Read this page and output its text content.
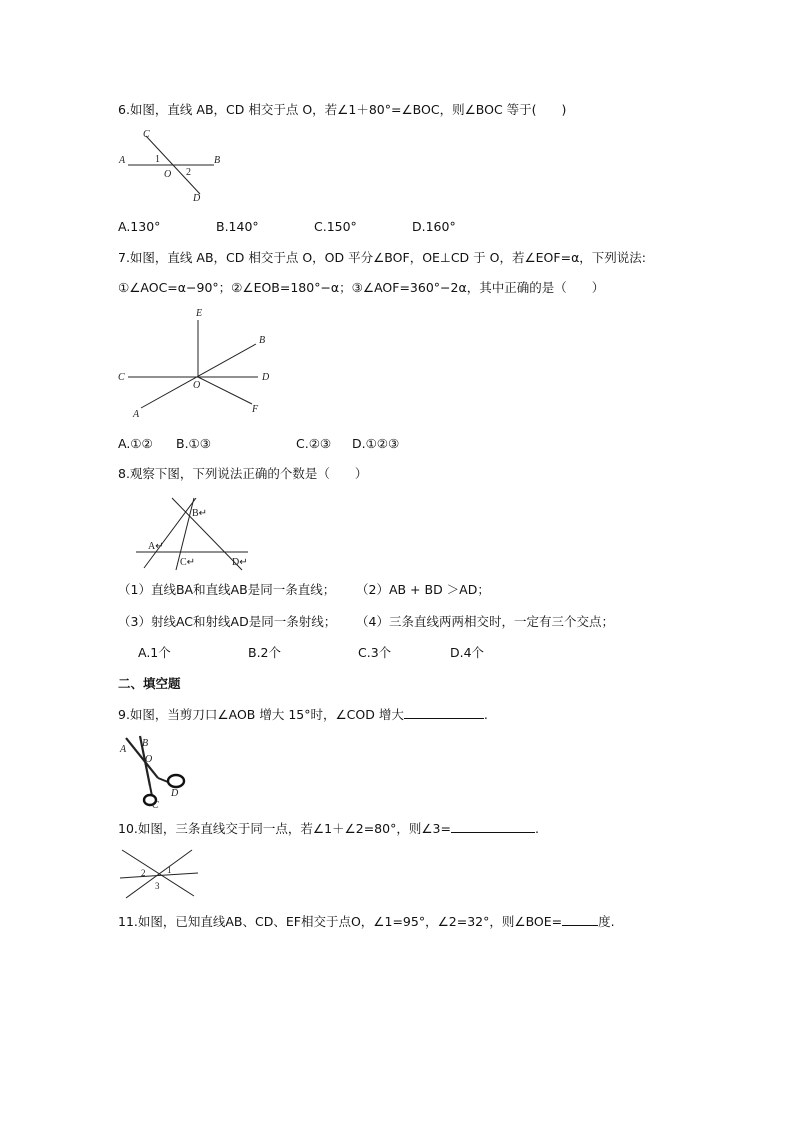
6.如图，直线 AB，CD 相交于点 O，若∠1＋80°=∠BOC，则∠BOC 等于(　　)
A	B
C
D
O
1
2
A.130°	B.140°	C.150°	D.160°
7.如图，直线 AB，CD 相交于点 O，OD 平分∠BOF，OE⊥CD 于 O，若∠EOF=α，下列说法:
①∠AOC=α−90°；②∠EOB=180°−α；③∠AOF=360°−2α，其中正确的是（　　）
E
B
C	D
O
F
A
A.①② B.①③	C.②③ D.①②③
8.观察下图，下列说法正确的个数是（　　）
B↵
A↵
C↵	D↵
（1）直线BA和直线AB是同一条直线； （2）AB + BD ＞AD；
（3）射线AC和射线AD是同一条射线； （4）三条直线两两相交时，一定有三个交点；
A.1个	B.2个	C.3个	D.4个
二、填空题
9.如图，当剪刀口∠AOB 增大 15°时，∠COD 增大	.
A
B
O
C
D
10.如图，三条直线交于同一点，若∠1＋∠2=80°，则∠3=	.
2 1
3
11.如图，已知直线AB、CD、EF相交于点O，∠1=95°，∠2=32°，则∠BOE=	度.
